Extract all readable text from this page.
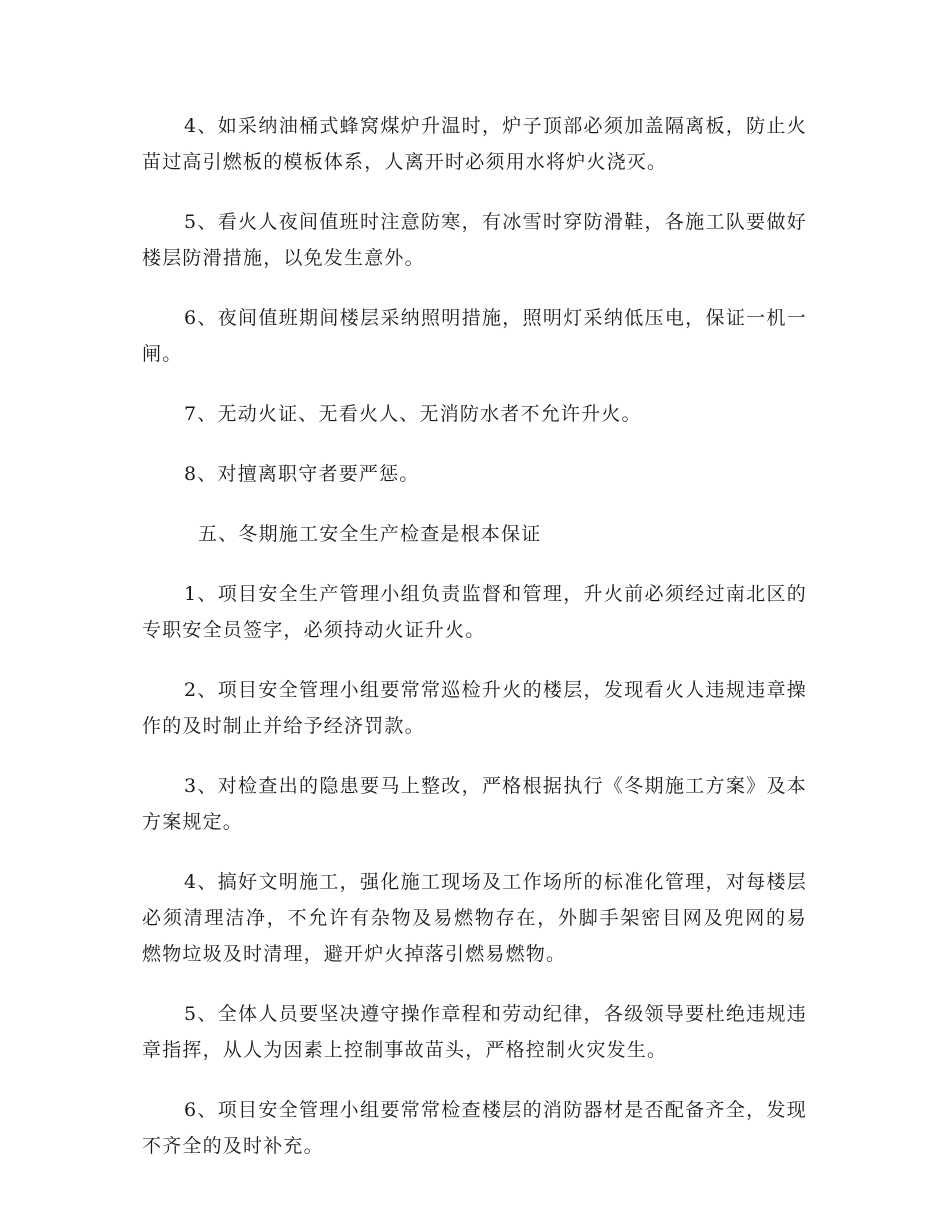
4、如采纳油桶式蜂窝煤炉升温时，炉子顶部必须加盖隔离板，防止火苗过高引燃板的模板体系，人离开时必须用水将炉火浇灭。

5、看火人夜间值班时注意防寒，有冰雪时穿防滑鞋，各施工队要做好楼层防滑措施，以免发生意外。

6、夜间值班期间楼层采纳照明措施，照明灯采纳低压电，保证一机一闸。

7、无动火证、无看火人、无消防水者不允许升火。

8、对擅离职守者要严惩。

五、冬期施工安全生产检查是根本保证

1、项目安全生产管理小组负责监督和管理，升火前必须经过南北区的专职安全员签字，必须持动火证升火。

2、项目安全管理小组要常常巡检升火的楼层，发现看火人违规违章操作的及时制止并给予经济罚款。

3、对检查出的隐患要马上整改，严格根据执行《冬期施工方案》及本方案规定。

4、搞好文明施工，强化施工现场及工作场所的标准化管理，对每楼层必须清理洁净，不允许有杂物及易燃物存在，外脚手架密目网及兜网的易燃物垃圾及时清理，避开炉火掉落引燃易燃物。

5、全体人员要坚决遵守操作章程和劳动纪律，各级领导要杜绝违规违章指挥，从人为因素上控制事故苗头，严格控制火灾发生。

6、项目安全管理小组要常常检查楼层的消防器材是否配备齐全，发现不齐全的及时补充。
